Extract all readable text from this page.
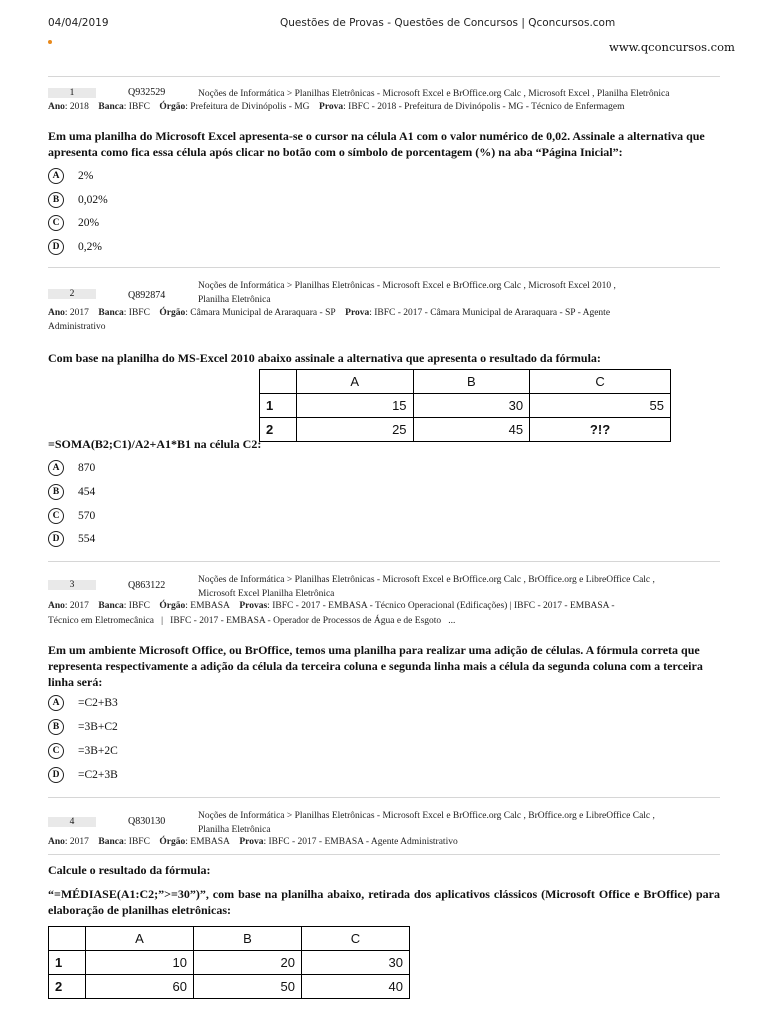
04/04/2019	Questões de Provas - Questões de Concursos | Qconcursos.com
www.qconcursos.com
1	Q932529	Noções de Informática > Planilhas Eletrônicas - Microsoft Excel e BrOffice.org Calc , Microsoft Excel , Planilha Eletrônica
Ano: 2018 Banca: IBFC Órgão: Prefeitura de Divinópolis - MG Prova: IBFC - 2018 - Prefeitura de Divinópolis - MG - Técnico de Enfermagem
Em uma planilha do Microsoft Excel apresenta-se o cursor na célula A1 com o valor numérico de 0,02. Assinale a alternativa que apresenta como fica essa célula após clicar no botão com o símbolo de porcentagem (%) na aba “Página Inicial”:
A 2%
B 0,02%
C 20%
D 0,2%
2	Q892874
Noções de Informática > Planilhas Eletrônicas - Microsoft Excel e BrOffice.org Calc , Microsoft Excel 2010 ,
Planilha Eletrônica
Ano: 2017 Banca: IBFC Órgão: Câmara Municipal de Araraquara - SP Prova: IBFC - 2017 - Câmara Municipal de Araraquara - SP - Agente
Administrativo
Com base na planilha do MS-Excel 2010 abaixo assinale a alternativa que apresenta o resultado da fórmula:
	A	B	C
1	15	30	55
2	25	45	?!?
=SOMA(B2;C1)/A2+A1*B1 na célula C2:
A 870
B 454
C 570
D 554
3	Q863122	Noções de Informática > Planilhas Eletrônicas - Microsoft Excel e BrOffice.org Calc , BrOffice.org e LibreOffice Calc ,
Microsoft Excel Planilha Eletrônica
Ano: 2017 Banca: IBFC Órgão: EMBASA Provas: IBFC - 2017 - EMBASA - Técnico Operacional (Edificações) | IBFC - 2017 - EMBASA -
Técnico em Eletromecânica   |   IBFC - 2017 - EMBASA - Operador de Processos de Água e de Esgoto   ...
Em um ambiente Microsoft Office, ou BrOffice, temos uma planilha para realizar uma adição de células. A fórmula correta que representa respectivamente a adição da célula da terceira coluna e segunda linha mais a célula da segunda coluna com a terceira linha será:
A =C2+B3
B =3B+C2
C =3B+2C
D =C2+3B
4	Q830130	Noções de Informática > Planilhas Eletrônicas - Microsoft Excel e BrOffice.org Calc , BrOffice.org e LibreOffice Calc ,
Planilha Eletrônica
Ano: 2017 Banca: IBFC Órgão: EMBASA Prova: IBFC - 2017 - EMBASA - Agente Administrativo
Calcule o resultado da fórmula:
“=MÉDIASE(A1:C2;”>=30”)”, com base na planilha abaixo, retirada dos aplicativos clássicos (Microsoft Office e BrOffice) para elaboração de planilhas eletrônicas:
	A	B	C
1	10	20	30
2	60	50	40
